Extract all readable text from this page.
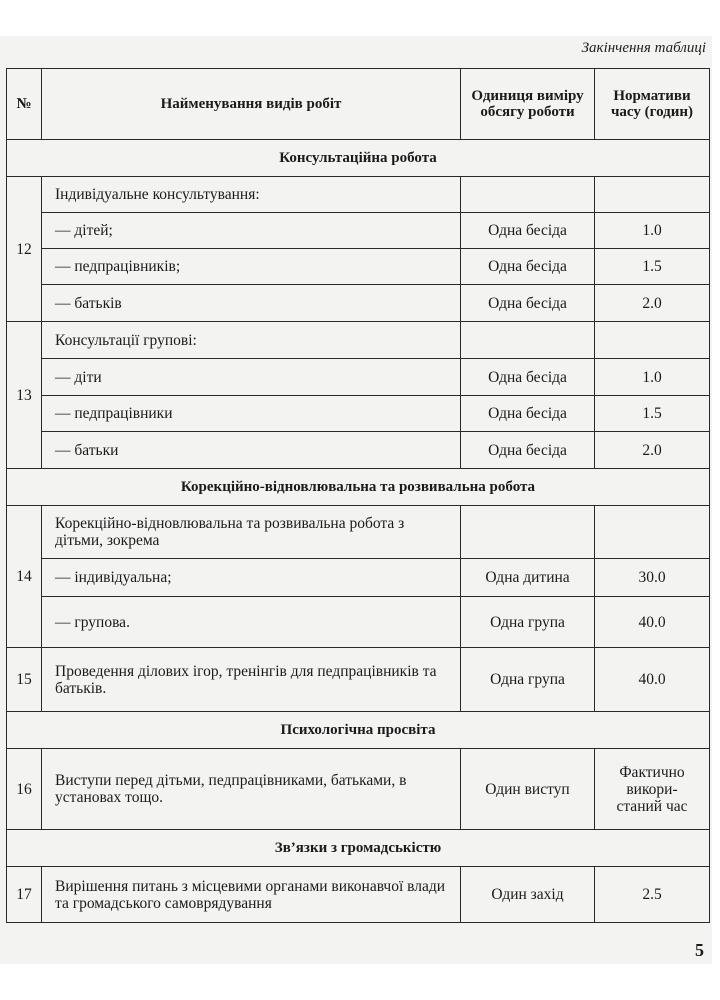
Закінчення таблиці
№	Найменування видів робіт	Одиниця виміру обсягу роботи	Нормативи часу (годин)
Консультаційна робота			
12	Індивідуальне консультування:		
	— дітей;	Одна бесіда	1.0
	— педпрацівників;	Одна бесіда	1.5
	— батьків	Одна бесіда	2.0
13	Консультації групові:		
	— діти	Одна бесіда	1.0
	— педпрацівники	Одна бесіда	1.5
	— батьки	Одна бесіда	2.0
Корекційно-відновлювальна та розвивальна робота			
14	Корекційно-відновлювальна та розвивальна робота з дітьми, зокрема		
	— індивідуальна;	Одна дитина	30.0
	— групова.	Одна група	40.0
15	Проведення ділових ігор, тренінгів для педпрацівників та батьків.	Одна група	40.0
Психологічна просвіта			
16	Виступи перед дітьми, педпрацівниками, батьками, в установах тощо.	Один виступ	Фактично викори-станий час
Зв’язки з громадськістю			
17	Вирішення питань з місцевими органами виконавчої влади та громадського самоврядування	Один захід	2.5
5
